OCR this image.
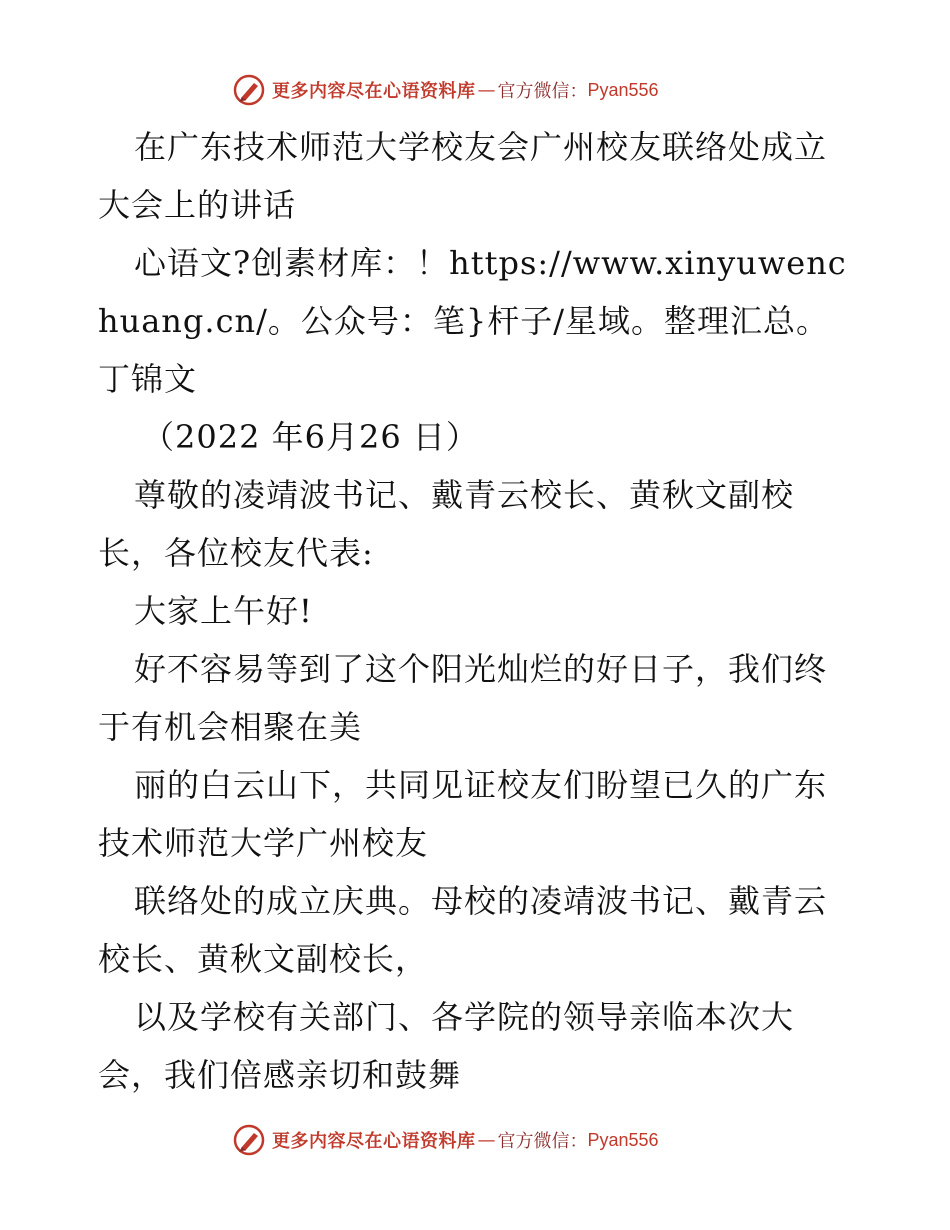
更多内容尽在心语资料库 — 官方微信： Pyan556

在广东技术师范大学校友会广州校友联络处成立大会上的讲话

心语文?创素材库：！https://www.xinyuwenchuang.cn/。公众号：笔}杆子/星域。整理汇总。丁锦文

（2022 年6月26 日）

尊敬的凌靖波书记、戴青云校长、黄秋文副校长，各位校友代表:

大家上午好!

好不容易等到了这个阳光灿烂的好日子，我们终于有机会相聚在美

丽的白云山下，共同见证校友们盼望已久的广东技术师范大学广州校友

联络处的成立庆典。母校的凌靖波书记、戴青云校长、黄秋文副校长，

以及学校有关部门、各学院的领导亲临本次大会，我们倍感亲切和鼓舞

更多内容尽在心语资料库 — 官方微信： Pyan556
